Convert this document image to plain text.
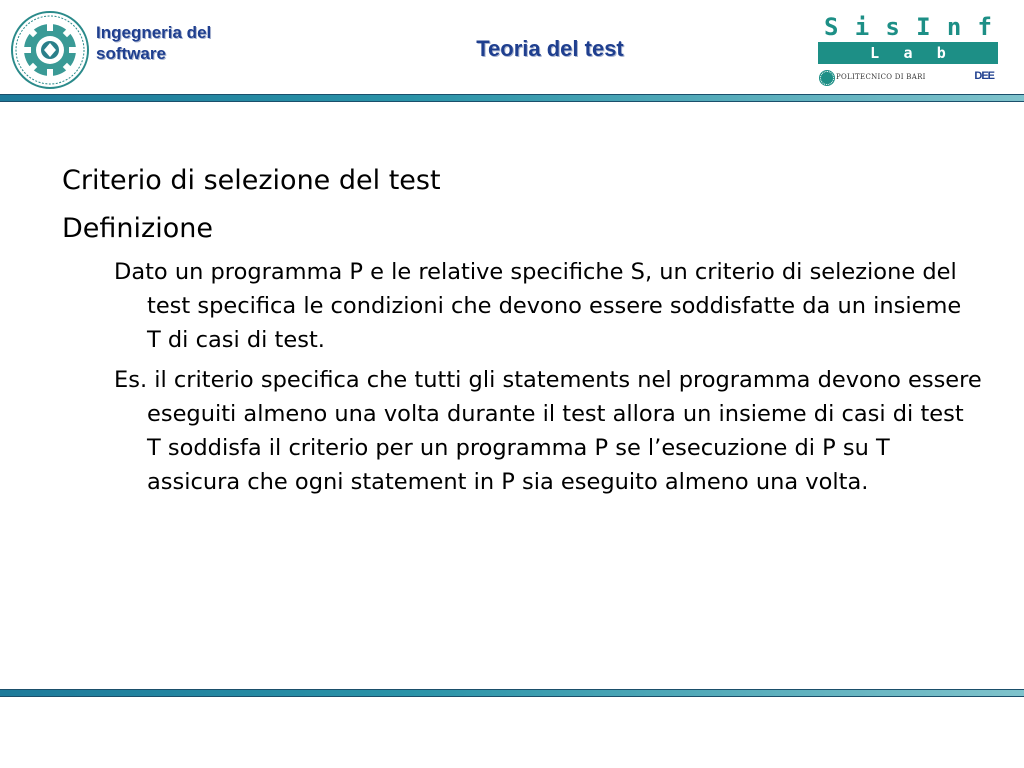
Ingegneria del
software	Teoria del test
S i s I n f
L a b
POLITECNICO DI BARI	DEE

Criterio di selezione del test

Definizione

Dato un programma P e le relative specifiche S, un criterio di selezione del test specifica le condizioni che devono essere soddisfatte da un insieme T di casi di test.

Es. il criterio specifica che tutti gli statements nel programma devono essere eseguiti almeno una volta durante il test allora un insieme di casi di test T soddisfa il criterio per un programma P se l’esecuzione di P su T assicura che ogni statement in P sia eseguito almeno una volta.
